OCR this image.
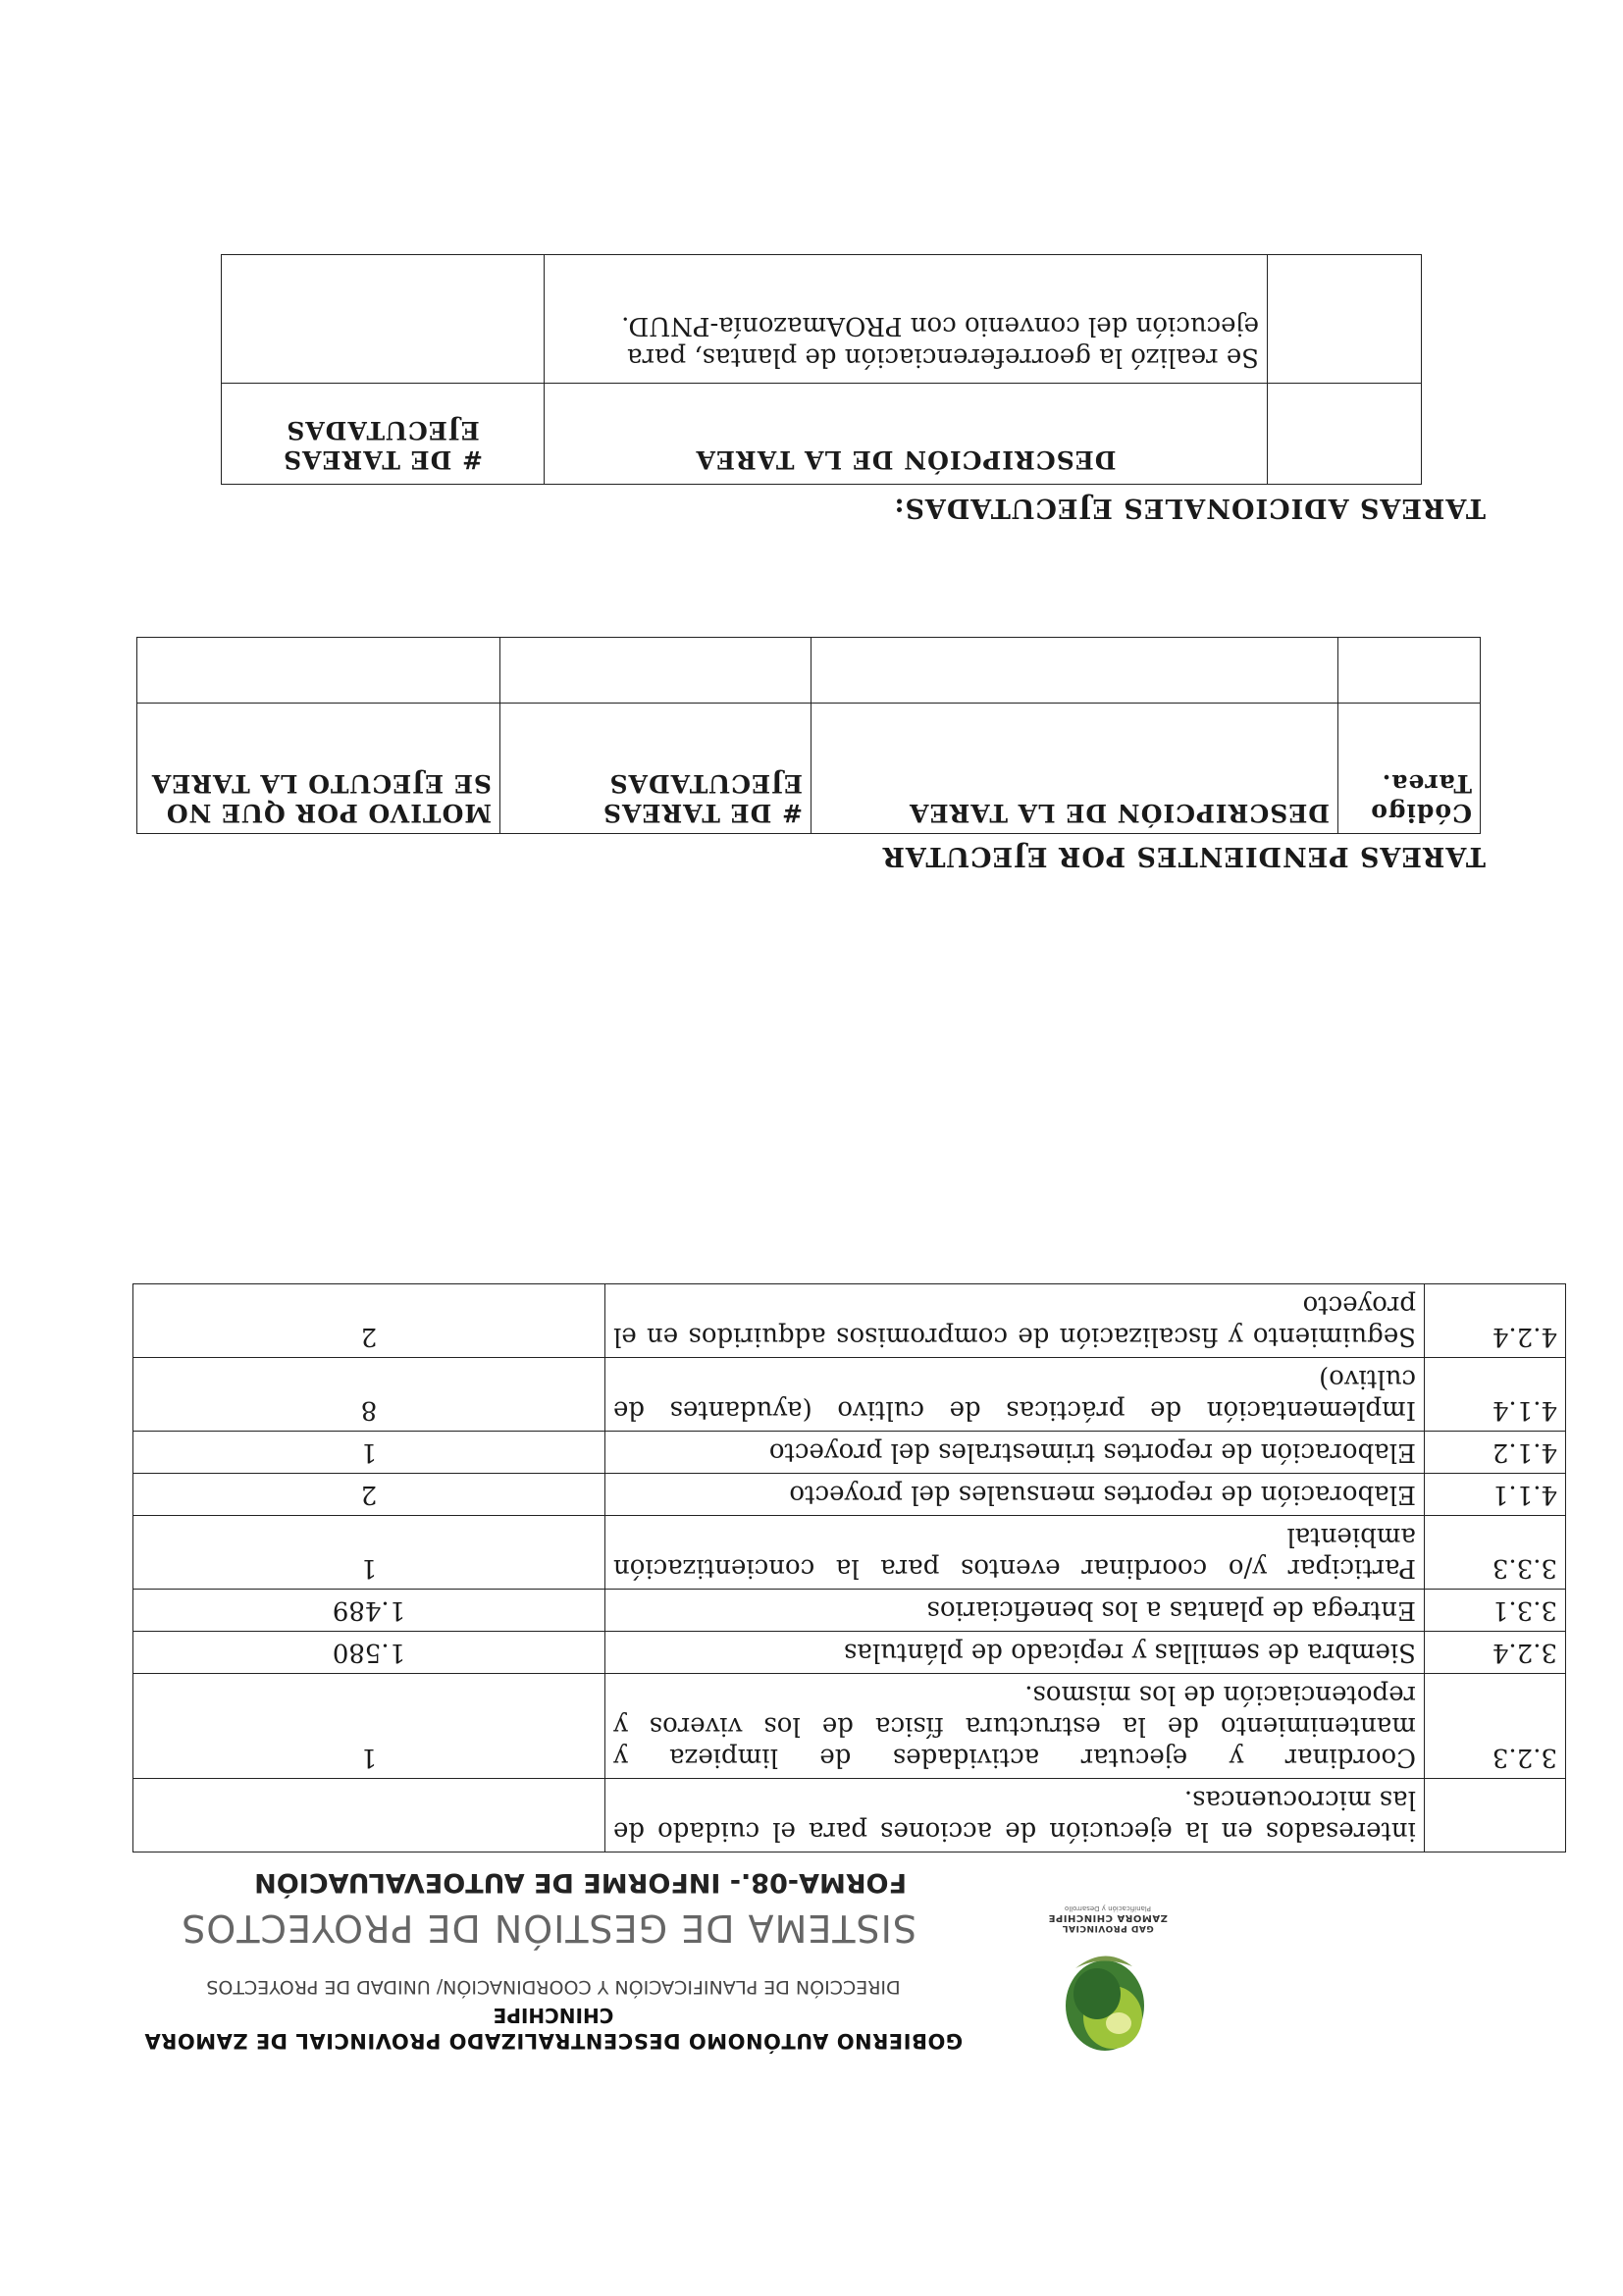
GAD PROVINCIAL
ZAMORA CHINCHIPE
Planificación y Desarrollo
GOBIERNO AUTÓNOMO DESCENTRALIZADO PROVINCIAL DE ZAMORA
CHINCHIPE
DIRECCIÓN DE PLANIFICACIÓN Y COORDINACIÓN/ UNIDAD DE PROYECTOS
SISTEMA DE GESTIÓN DE PROYECTOS
FORMA-08.- INFORME DE AUTOEVALUACIÓN
	interesados en la ejecución de acciones para el cuidado de las microcuencas.	
3.2.3	Coordinar y ejecutar actividades de limpieza y mantenimiento de la estructura física de los viveros y repotenciación de los mismos.	1
3.2.4	Siembra de semillas y repicado de plántulas	1.580
3.3.1	Entrega de plantas a los beneficiarios	1.489
3.3.3	Participar y/o coordinar eventos para la concientización ambiental	1
4.1.1	Elaboración de reportes mensuales del proyecto	2
4.1.2	Elaboración de reportes trimestrales del proyecto	1
4.1.4	Implementación de prácticas de cultivo (ayudantes de cultivo)	8
4.2.4	Seguimiento y fiscalización de compromisos adquiridos en el proyecto	2
TAREAS PENDIENTES POR EJECUTAR
Código Tarea.	DESCRIPCIÓN DE LA TAREA	# DE TAREAS EJECUTADAS	MOTIVO POR QUE NO SE EJECUTO LA TAREA

TAREAS ADICIONALES EJECUTADAS:
	DESCRIPCIÓN DE LA TAREA	# DE TAREAS EJECUTADAS
	Se realizó la georreferenciación de plantas, para ejecución del convenio con PROAmazonía-PNUD.	
